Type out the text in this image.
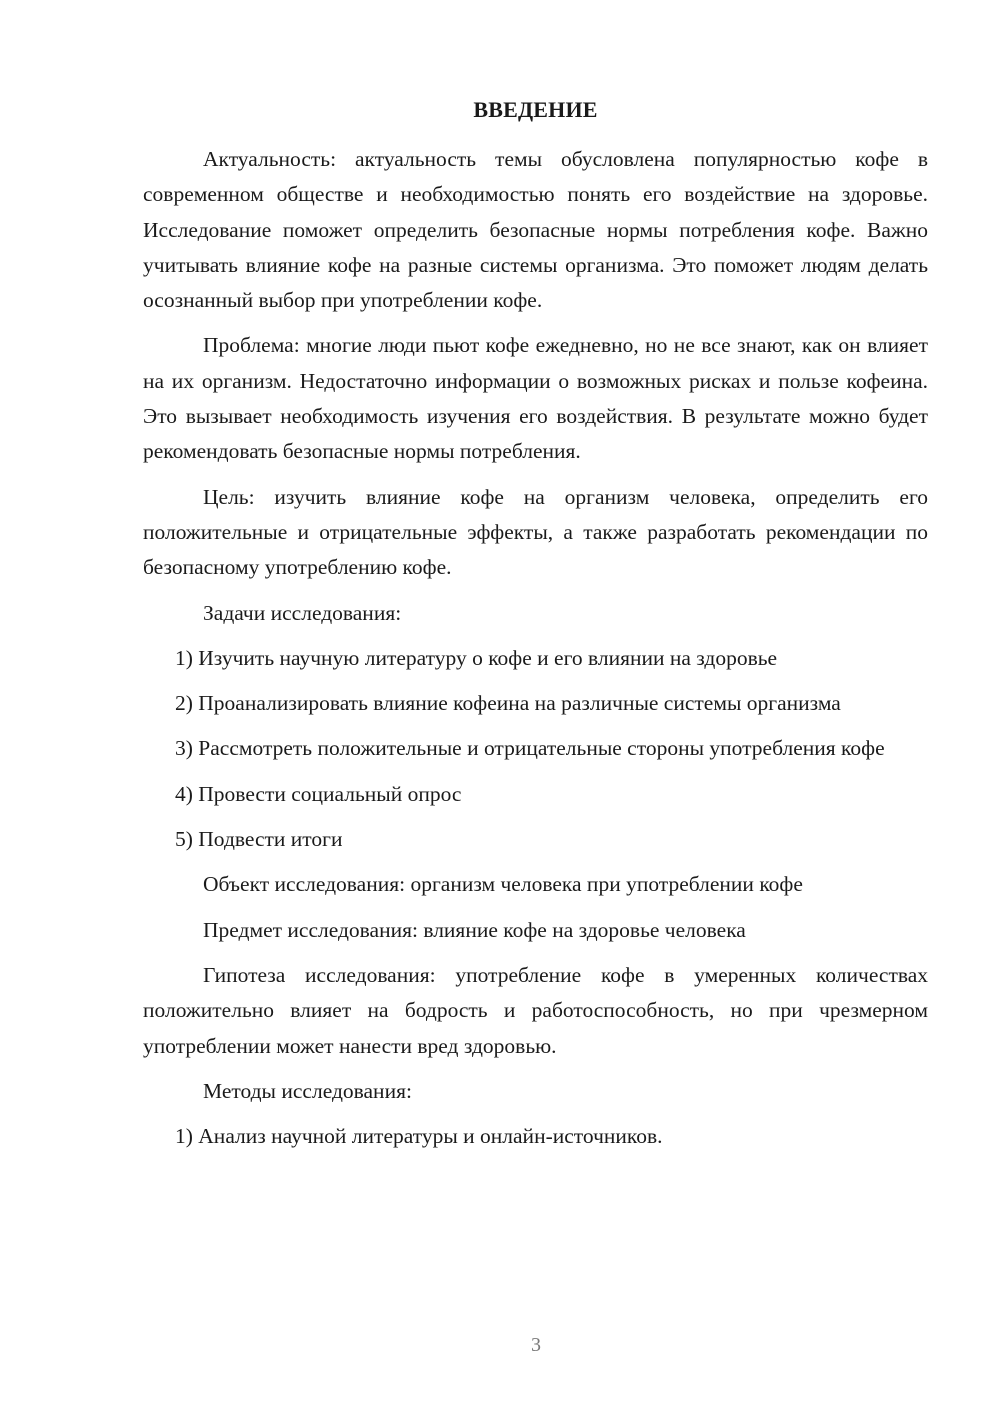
ВВЕДЕНИЕ

Актуальность: актуальность темы обусловлена популярностью кофе в современном обществе и необходимостью понять его воздействие на здоровье. Исследование поможет определить безопасные нормы потребления кофе. Важно учитывать влияние кофе на разные системы организма. Это поможет людям делать осознанный выбор при употреблении кофе.

Проблема: многие люди пьют кофе ежедневно, но не все знают, как он влияет на их организм. Недостаточно информации о возможных рисках и пользе кофеина. Это вызывает необходимость изучения его воздействия. В результате можно будет рекомендовать безопасные нормы потребления.

Цель: изучить влияние кофе на организм человека, определить его положительные и отрицательные эффекты, а также разработать рекомендации по безопасному употреблению кофе.

Задачи исследования:

1) Изучить научную литературу о кофе и его влиянии на здоровье

2) Проанализировать влияние кофеина на различные системы организма

3) Рассмотреть положительные и отрицательные стороны употребления кофе

4) Провести социальный опрос

5) Подвести итоги

Объект исследования: организм человека при употреблении кофе

Предмет исследования: влияние кофе на здоровье человека

Гипотеза исследования: употребление кофе в умеренных количествах положительно влияет на бодрость и работоспособность, но при чрезмерном употреблении может нанести вред здоровью.

Методы исследования:

1) Анализ научной литературы и онлайн-источников.

3
